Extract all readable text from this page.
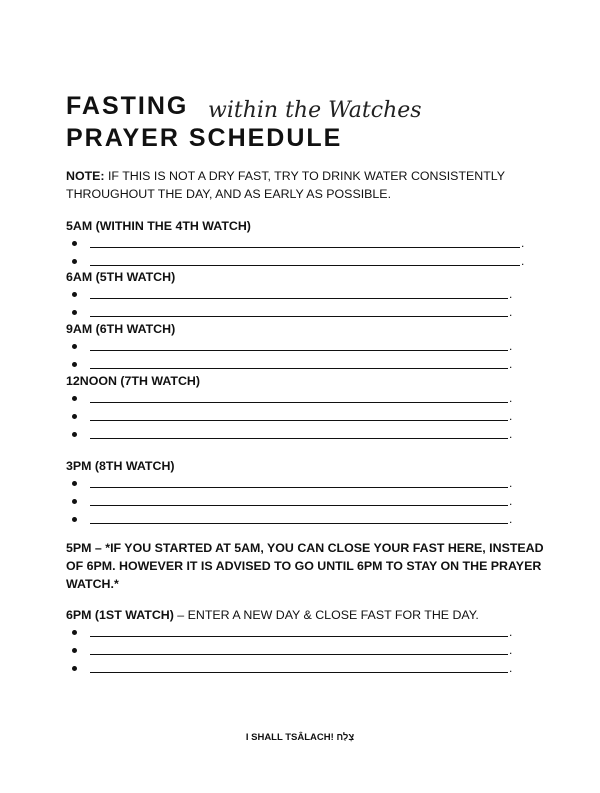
FASTING within the Watches
PRAYER SCHEDULE
NOTE: IF THIS IS NOT A DRY FAST, TRY TO DRINK WATER CONSISTENTLY THROUGHOUT THE DAY, AND AS EARLY AS POSSIBLE.
5AM (WITHIN THE 4TH WATCH)
.
.
6AM (5TH WATCH)
.
.
9AM (6TH WATCH)
.
.
12NOON (7TH WATCH)
.
.
.
3PM (8TH WATCH)
.
.
.
5PM – *IF YOU STARTED AT 5AM, YOU CAN CLOSE YOUR FAST HERE, INSTEAD OF 6PM. HOWEVER IT IS ADVISED TO GO UNTIL 6PM TO STAY ON THE PRAYER WATCH.*
6PM (1ST WATCH) – ENTER A NEW DAY & CLOSE FAST FOR THE DAY.
.
.
.
I SHALL TSÂLACH! צָלַח
